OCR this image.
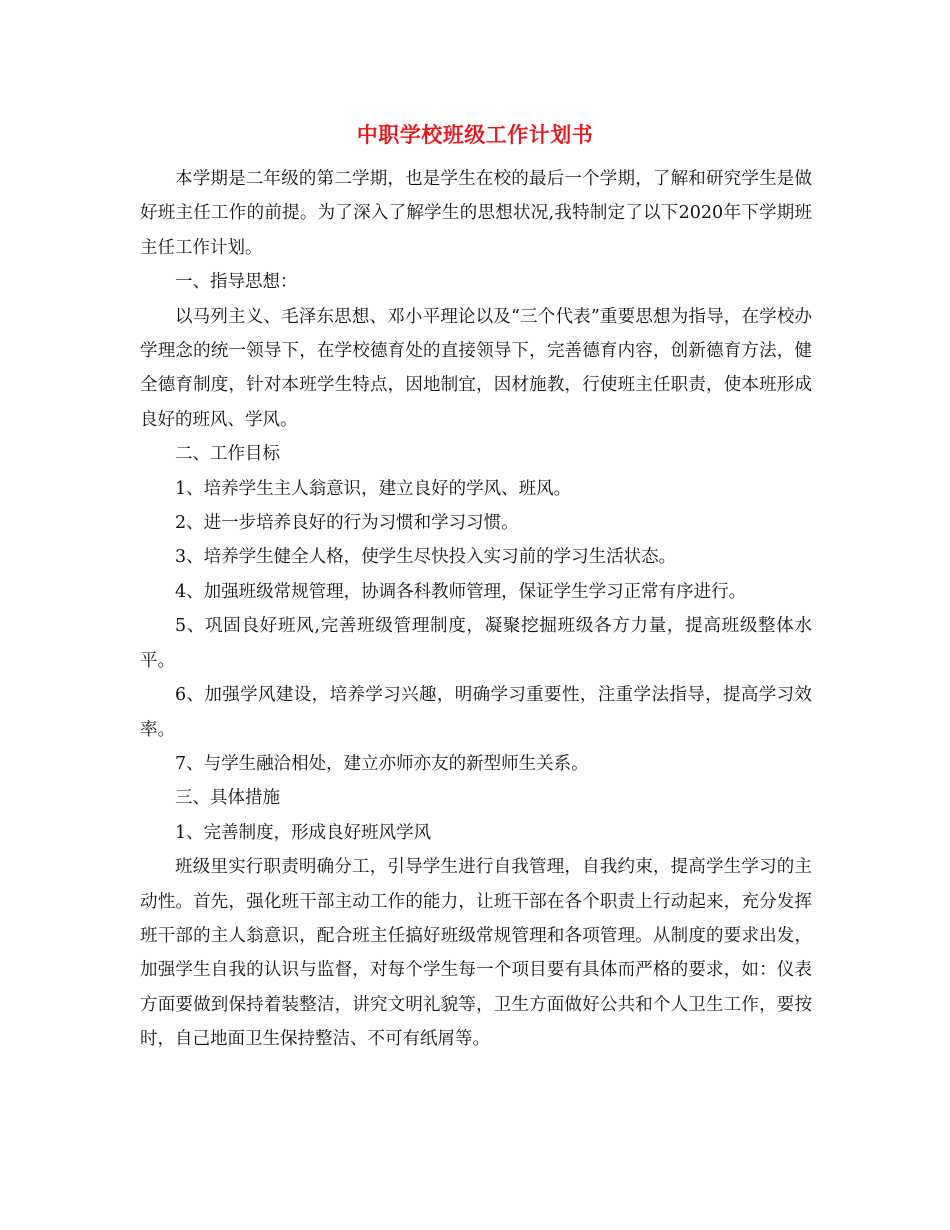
中职学校班级工作计划书

本学期是二年级的第二学期，也是学生在校的最后一个学期，了解和研究学生是做好班主任工作的前提。为了深入了解学生的思想状况,我特制定了以下2020年下学期班主任工作计划。

一、指导思想：

以马列主义、毛泽东思想、邓小平理论以及“三个代表”重要思想为指导，在学校办学理念的统一领导下，在学校德育处的直接领导下，完善德育内容，创新德育方法，健全德育制度，针对本班学生特点，因地制宜，因材施教，行使班主任职责，使本班形成良好的班风、学风。

二、工作目标

1、培养学生主人翁意识，建立良好的学风、班风。

2、进一步培养良好的行为习惯和学习习惯。

3、培养学生健全人格，使学生尽快投入实习前的学习生活状态。

4、加强班级常规管理，协调各科教师管理，保证学生学习正常有序进行。

5、巩固良好班风,完善班级管理制度，凝聚挖掘班级各方力量，提高班级整体水平。

6、加强学风建设，培养学习兴趣，明确学习重要性，注重学法指导，提高学习效率。

7、与学生融洽相处，建立亦师亦友的新型师生关系。

三、具体措施

1、完善制度，形成良好班风学风

班级里实行职责明确分工，引导学生进行自我管理，自我约束，提高学生学习的主动性。首先，强化班干部主动工作的能力，让班干部在各个职责上行动起来，充分发挥班干部的主人翁意识，配合班主任搞好班级常规管理和各项管理。从制度的要求出发，加强学生自我的认识与监督，对每个学生每一个项目要有具体而严格的要求，如：仪表方面要做到保持着装整洁，讲究文明礼貌等，卫生方面做好公共和个人卫生工作，要按时，自己地面卫生保持整洁、不可有纸屑等。
